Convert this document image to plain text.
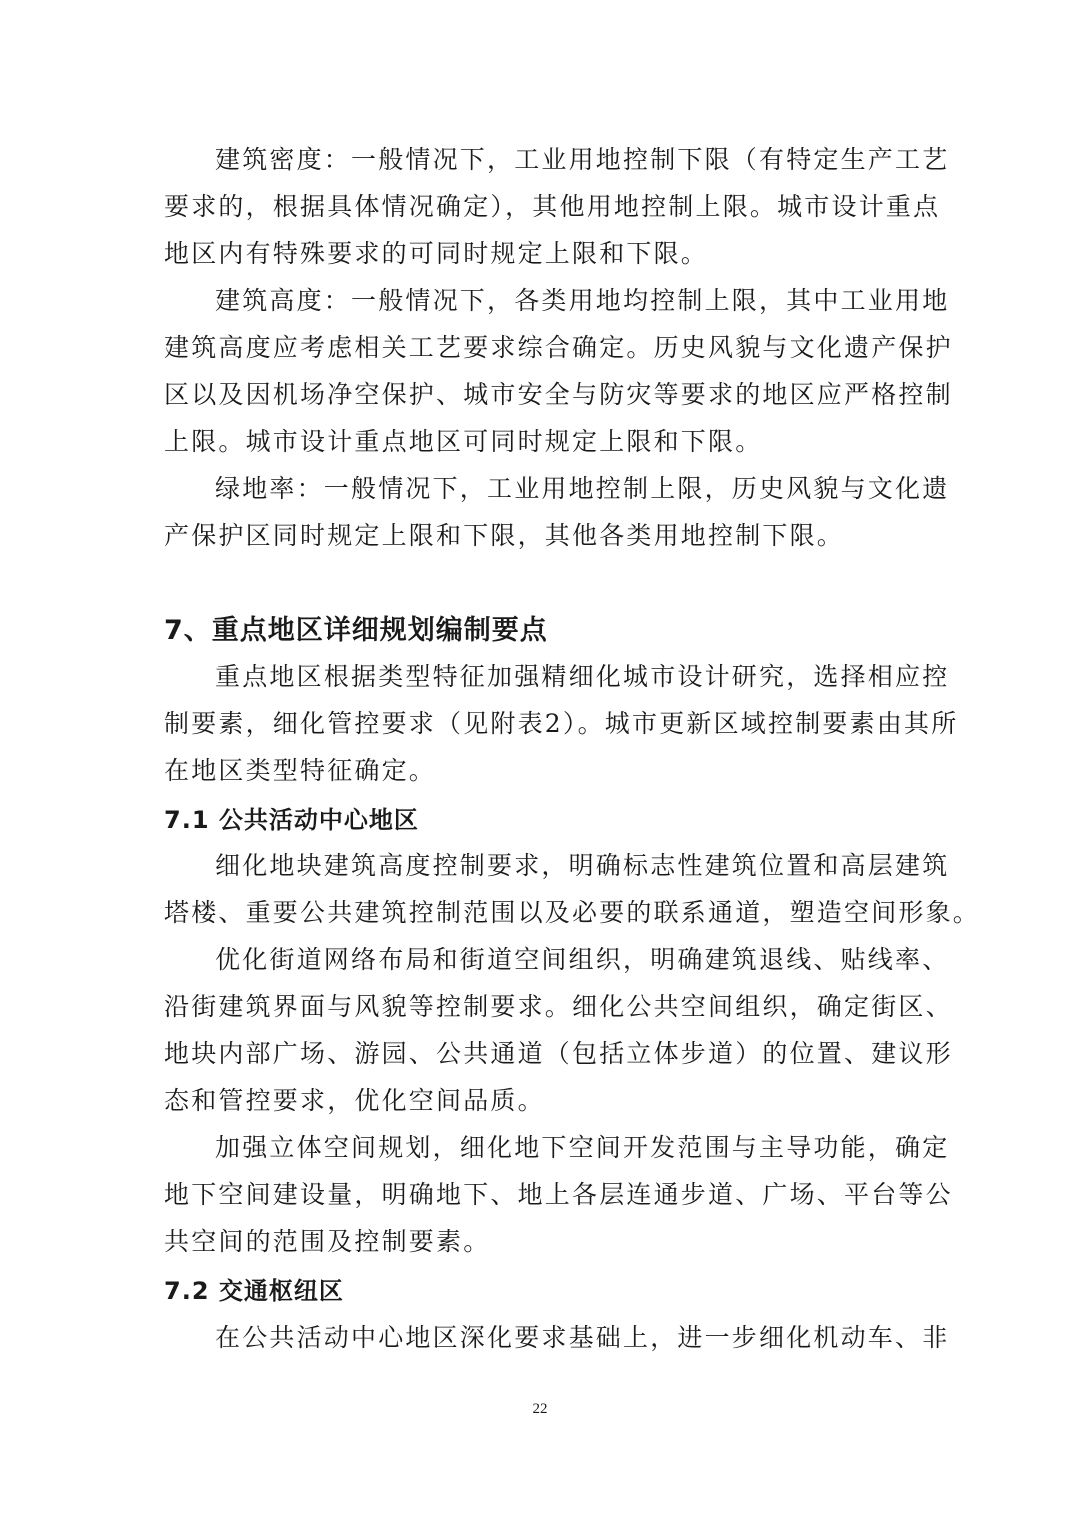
建筑密度：一般情况下，工业用地控制下限（有特定生产工艺
要求的，根据具体情况确定），其他用地控制上限。城市设计重点
地区内有特殊要求的可同时规定上限和下限。
建筑高度：一般情况下，各类用地均控制上限，其中工业用地
建筑高度应考虑相关工艺要求综合确定。历史风貌与文化遗产保护
区以及因机场净空保护、城市安全与防灾等要求的地区应严格控制
上限。城市设计重点地区可同时规定上限和下限。
绿地率：一般情况下，工业用地控制上限，历史风貌与文化遗
产保护区同时规定上限和下限，其他各类用地控制下限。
7、重点地区详细规划编制要点
重点地区根据类型特征加强精细化城市设计研究，选择相应控
制要素，细化管控要求（见附表2）。城市更新区域控制要素由其所
在地区类型特征确定。
7.1 公共活动中心地区
细化地块建筑高度控制要求，明确标志性建筑位置和高层建筑
塔楼、重要公共建筑控制范围以及必要的联系通道，塑造空间形象。
优化街道网络布局和街道空间组织，明确建筑退线、贴线率、
沿街建筑界面与风貌等控制要求。细化公共空间组织，确定街区、
地块内部广场、游园、公共通道（包括立体步道）的位置、建议形
态和管控要求，优化空间品质。
加强立体空间规划，细化地下空间开发范围与主导功能，确定
地下空间建设量，明确地下、地上各层连通步道、广场、平台等公
共空间的范围及控制要素。
7.2 交通枢纽区
在公共活动中心地区深化要求基础上，进一步细化机动车、非
22
